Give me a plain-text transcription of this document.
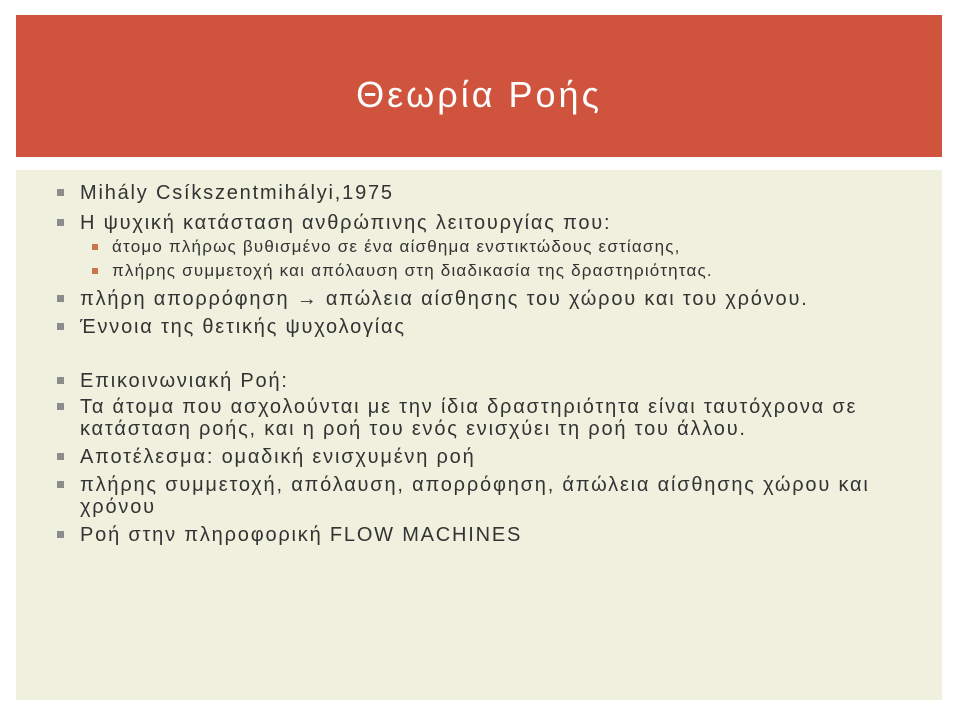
Θεωρία Ροής
Mihály Csíkszentmihályi,1975
Η ψυχική κατάσταση ανθρώπινης λειτουργίας που:
άτομο πλήρως βυθισμένο σε ένα αίσθημα ενστικτώδους εστίασης,
πλήρης συμμετοχή και απόλαυση στη διαδικασία της δραστηριότητας.
πλήρη απορρόφηση → απώλεια αίσθησης του χώρου και του χρόνου.
Έννοια της θετικής ψυχολογίας
Επικοινωνιακή Ροή:
Τα άτομα που ασχολούνται με την ίδια δραστηριότητα είναι ταυτόχρονα σε κατάσταση ροής, και η ροή του ενός ενισχύει τη ροή του άλλου.
Αποτέλεσμα: ομαδική ενισχυμένη ροή
πλήρης συμμετοχή, απόλαυση, απορρόφηση, άπώλεια αίσθησης χώρου και χρόνου
Ροή στην πληροφορική FLOW MACHINES
